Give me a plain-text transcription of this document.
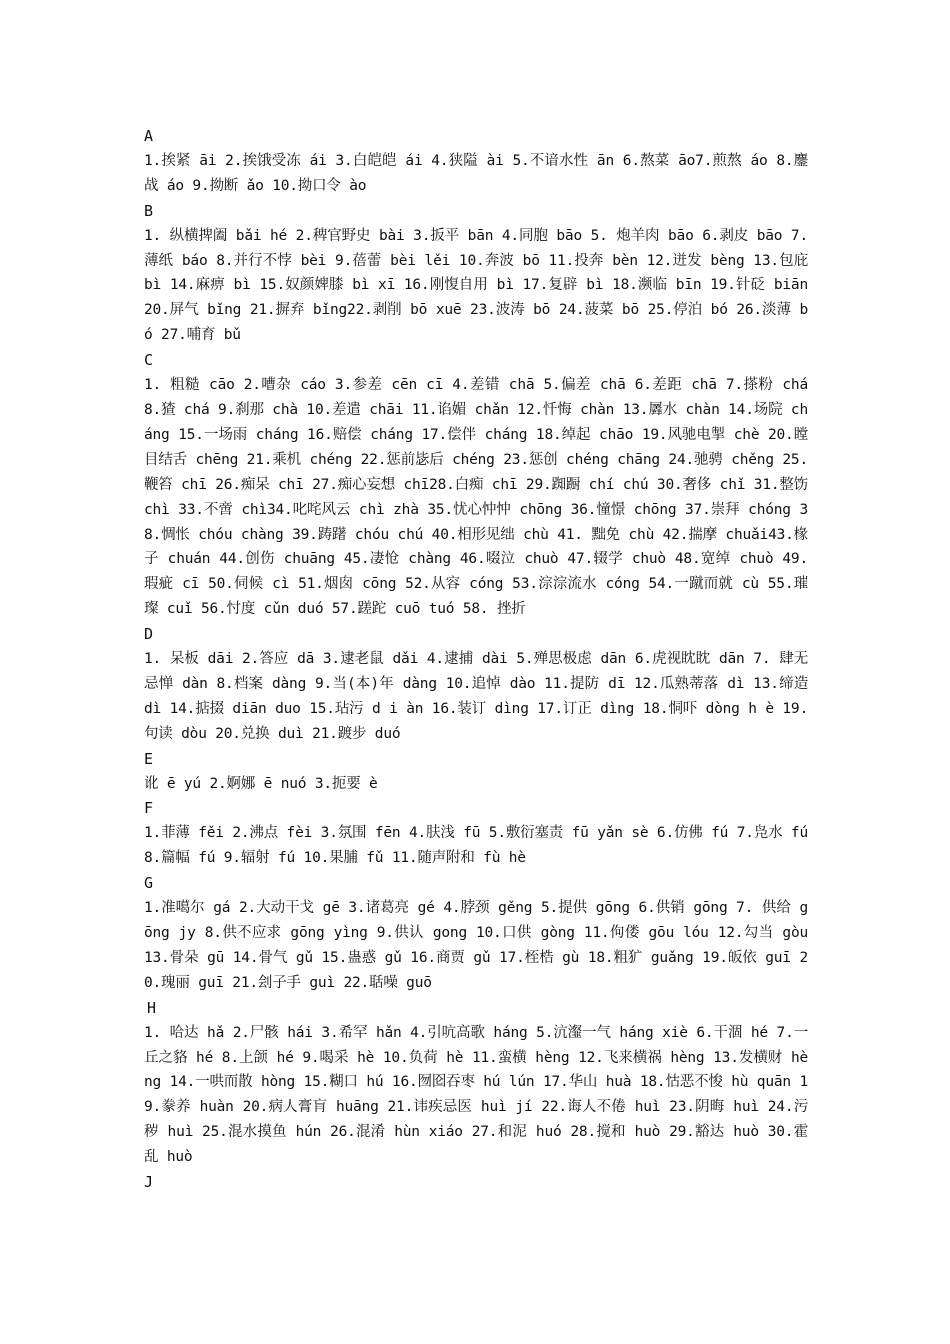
A
1.挨紧 āi 2.挨饿受冻 ái 3.白皑皑 ái 4.狭隘 ài 5.不谙水性 ān 6.熬菜 āo7.煎熬 áo 8.鏖战 áo 9.拗断 ǎo 10.拗口令 ào
B
1. 纵横捭阖 bǎi hé 2.稗官野史 bài 3.扳平 bān 4.同胞 bāo 5. 炮羊肉 bāo 6.剥皮 bāo 7.薄纸 báo 8.并行不悖 bèi 9.蓓蕾 bèi lěi 10.奔波 bō 11.投奔 bèn 12.迸发 bèng 13.包庇 bì 14.麻痹 bì 15.奴颜婢膝 bì xī 16.刚愎自用 bì 17.复辟 bì 18.濒临 bīn 19.针砭 biān 20.屏气 bǐng 21.摒弃 bǐng22.剥削 bō xuē 23.波涛 bō 24.菠菜 bō 25.停泊 bó 26.淡薄 bó 27.哺育 bǔ
C
1. 粗糙 cāo 2.嘈杂 cáo 3.参差 cēn cī 4.差错 chā 5.偏差 chā 6.差距 chā 7.搽粉 chá 8.猹 chá 9.刹那 chà 10.差遣 chāi 11.谄媚 chǎn 12.忏悔 chàn 13.羼水 chàn 14.场院 cháng 15.一场雨 cháng 16.赔偿 cháng 17.偿伴 cháng 18.绰起 chāo 19.风驰电掣 chè 20.瞠目结舌 chēng 21.乘机 chéng 22.惩前毖后 chéng 23.惩创 chéng chāng 24.驰骋 chěng 25.鞭笞 chī 26.痴呆 chī 27.痴心妄想 chī28.白痴 chī 29.踟蹰 chí chú 30.奢侈 chǐ 31.整饬 chì 33.不啻 chì34.叱咤风云 chì zhà 35.忧心忡忡 chōng 36.憧憬 chōng 37.崇拜 chóng 38.惆怅 chóu chàng 39.踌躇 chóu chú 40.相形见绌 chù 41. 黜免 chù 42.揣摩 chuǎi43.椽子 chuán 44.创伤 chuāng 45.凄怆 chàng 46.啜泣 chuò 47.辍学 chuò 48.宽绰 chuò 49.瑕疵 cī 50.伺候 cì 51.烟囱 cōng 52.从容 cóng 53.淙淙流水 cóng 54.一蹴而就 cù 55.璀璨 cuǐ 56.忖度 cǔn duó 57.蹉跎 cuō tuó 58. 挫折
D
1. 呆板 dāi 2.答应 dā 3.逮老鼠 dǎi 4.逮捕 dài 5.殚思极虑 dān 6.虎视眈眈 dān 7. 肆无忌惮 dàn 8.档案 dàng 9.当(本)年 dàng 10.追悼 dào 11.提防 dī 12.瓜熟蒂落 dì 13.缔造 dì 14.掂掇 diān duo 15.玷污 d i àn 16.装订 dìng 17.订正 dìng 18.恫吓 dòng h è 19.句读 dòu 20.兑换 duì 21.踱步 duó
E
讹 ē yú 2.婀娜 ē nuó 3.扼要 è
F
1.菲薄 fěi 2.沸点 fèi 3.氛围 fēn 4.肤浅 fū 5.敷衍塞责 fū yǎn sè 6.仿佛 fú 7.凫水 fú 8.篇幅 fú 9.辐射 fú 10.果脯 fǔ 11.随声附和 fù hè
G
1.准噶尔 gá 2.大动干戈 gē 3.诸葛亮 gé 4.脖颈 gěng 5.提供 gōng 6.供销 gōng 7. 供给 gōng jy 8.供不应求 gōng yìng 9.供认 gong 10.口供 gòng 11.佝偻 gōu lóu 12.勾当 gòu 13.骨朵 gū 14.骨气 gǔ 15.蛊惑 gǔ 16.商贾 gǔ 17.桎梏 gù 18.粗犷 guǎng 19.皈依 guī 20.瑰丽 guī 21.刽子手 guì 22.聒噪 guō
H
1. 哈达 hǎ 2.尸骸 hái 3.希罕 hǎn 4.引吭高歌 háng 5.沆瀣一气 háng xiè 6.干涸 hé 7.一丘之貉 hé 8.上颌 hé 9.喝采 hè 10.负荷 hè 11.蛮横 hèng 12.飞来横祸 hèng 13.发横财 hèng 14.一哄而散 hòng 15.糊口 hú 16.囫囵吞枣 hú lún 17.华山 huà 18.怙恶不悛 hù quān 19.豢养 huàn 20.病人膏肓 huāng 21.讳疾忌医 huì jí 22.诲人不倦 huì 23.阴晦 huì 24.污秽 huì 25.混水摸鱼 hún 26.混淆 hùn xiáo 27.和泥 huó 28.搅和 huò 29.豁达 huò 30.霍乱 huò
J
